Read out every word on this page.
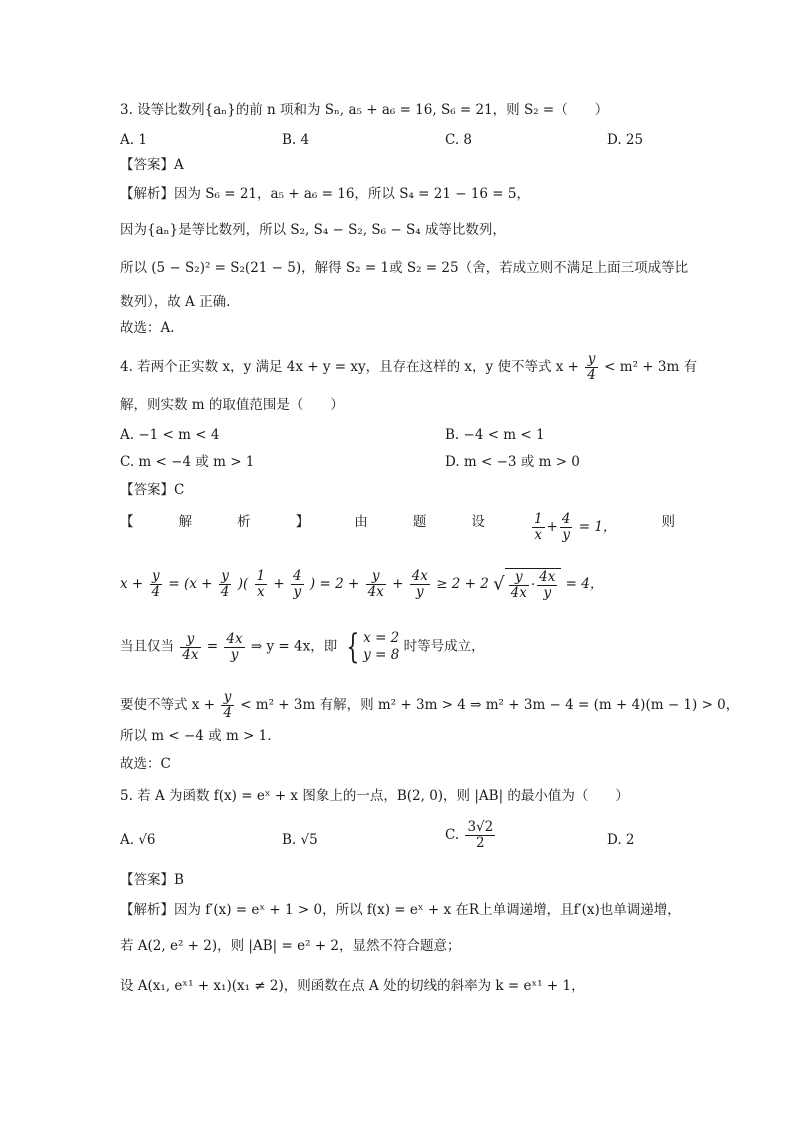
3. 设等比数列{aₙ}的前 n 项和为 Sₙ, a₅ + a₆ = 16, S₆ = 21，则 S₂ =（　　）
A. 1	B. 4	C. 8	D. 25
【答案】A
【解析】因为 S₆ = 21，a₅ + a₆ = 16，所以 S₄ = 21 − 16 = 5，
因为{aₙ}是等比数列，所以 S₂, S₄ − S₂, S₆ − S₄ 成等比数列，
所以 (5 − S₂)² = S₂(21 − 5)，解得 S₂ = 1或 S₂ = 25（舍，若成立则不满足上面三项成等比
数列），故 A 正确.
故选：A.
4. 若两个正实数 x，y 满足 4x + y = xy，且存在这样的 x，y 使不等式 $x + \frac{y}{4} < m^2 + 3m$ 有
解，则实数 m 的取值范围是（　　）
A. −1 < m < 4	B. −4 < m < 1
C. m < −4 或 m > 1	D. m < −3 或 m > 0
【答案】C
【	解	析	】	由	题	设	$\frac{1}{x} + \frac{4}{y} = 1$，	则
$x + \frac{y}{4} = (x + \frac{y}{4}$ )( $\frac{1}{x} + \frac{4}{y}$ ) = $2 + \frac{y}{4x} + \frac{4x}{y} \ge 2 + 2$ √ $\frac{y}{4x} \cdot \frac{4x}{y} = 4$，
当且仅当 $\frac{y}{4x} = \frac{4x}{y}$ ⇒ y = 4x，即 { x = 2
y = 8
时等号成立，
要使不等式 $x + \frac{y}{4} < m^2 + 3m$ 有解，则 m² + 3m > 4 ⇒ m² + 3m − 4 = (m + 4)(m − 1) > 0，
所以 m < −4 或 m > 1.
故选：C
5. 若 A 为函数 f(x) = eˣ + x 图象上的一点，B(2, 0)，则 |AB| 的最小值为（　　）
A. √6	B. √5	C. $\frac{3√2}{2}$	D. 2
【答案】B
【解析】因为 f′(x) = eˣ + 1 > 0，所以 f(x) = eˣ + x 在R上单调递增，且f′(x)也单调递增，
若 A(2, e² + 2)，则 |AB| = e² + 2，显然不符合题意；
设 A(x₁, eˣ¹ + x₁)(x₁ ≠ 2)，则函数在点 A 处的切线的斜率为 k = eˣ¹ + 1，
